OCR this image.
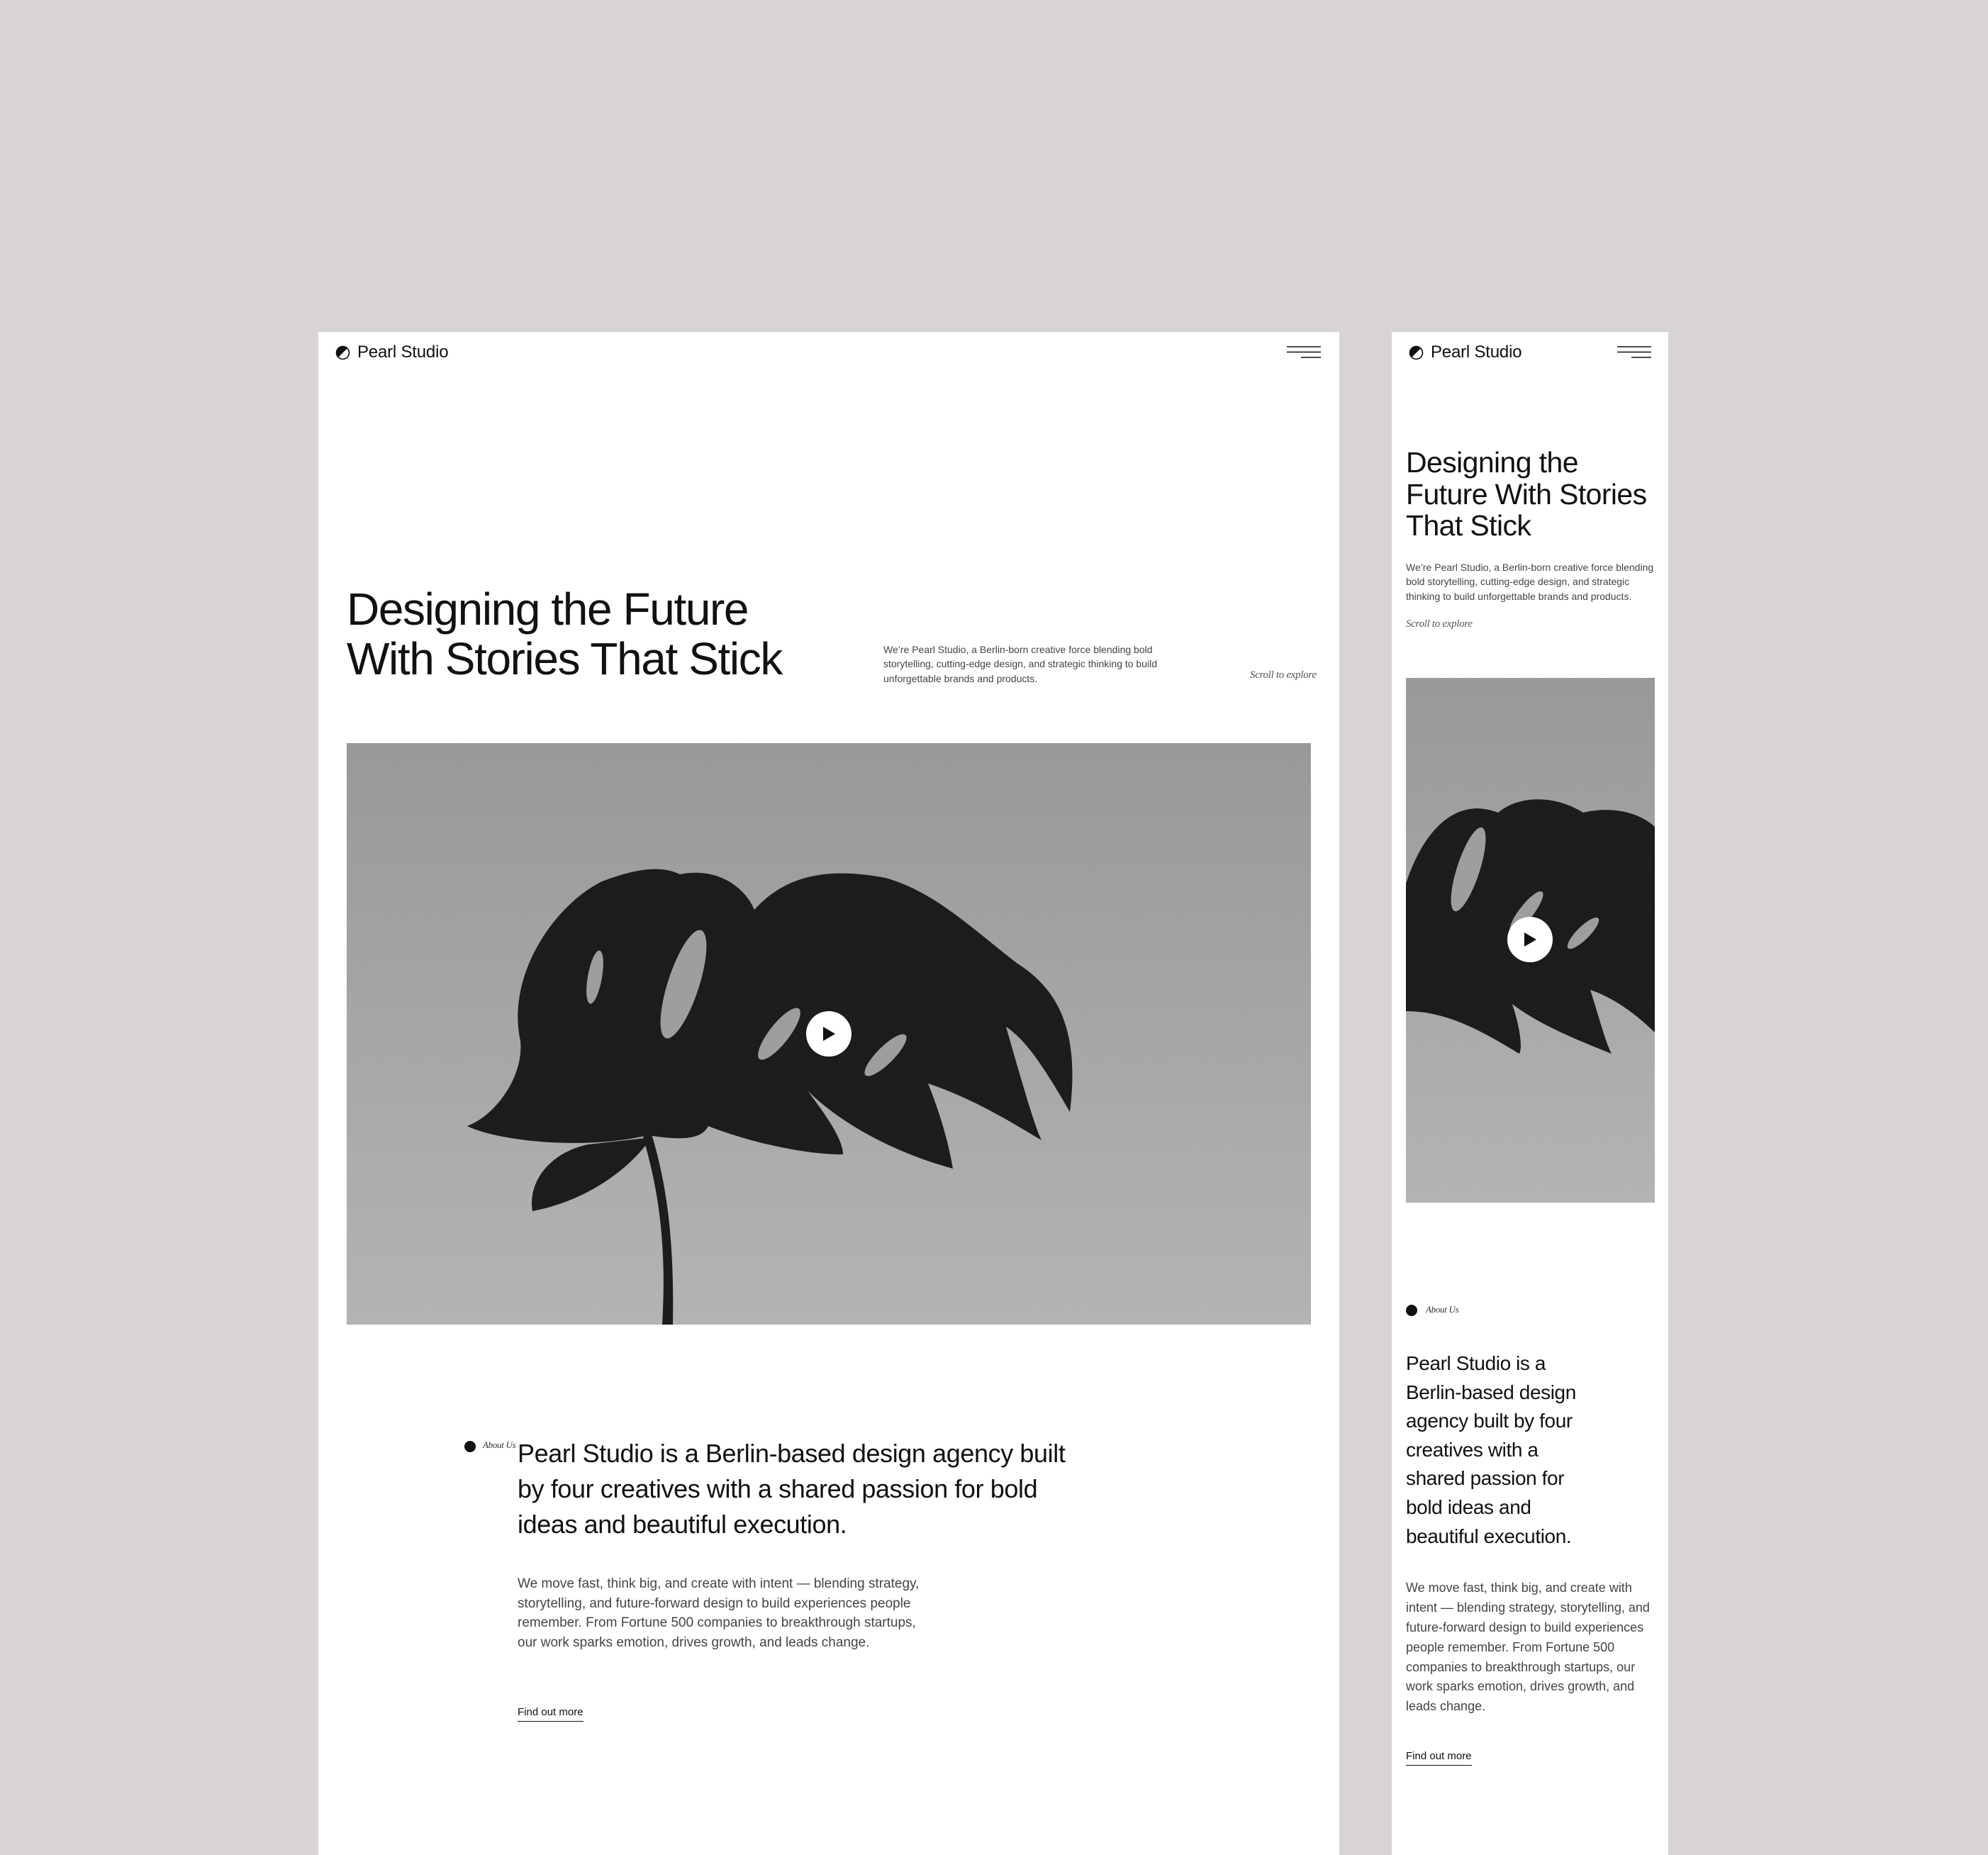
Pearl Studio
Designing the Future
With Stories That Stick	We’re Pearl Studio, a Berlin-born creative force blending bold storytelling, cutting-edge design, and strategic thinking to build unforgettable brands and products.	Scroll to explore
About Us Pearl Studio is a Berlin-based design agency built by four creatives with a shared passion for bold ideas and beautiful execution.

We move fast, think big, and create with intent — blending strategy, storytelling, and future-forward design to build experiences people remember. From Fortune 500 companies to breakthrough startups, our work sparks emotion, drives growth, and leads change.

Find out more
Pearl Studio
Designing the
Future With Stories
That Stick

We’re Pearl Studio, a Berlin-born creative force blending bold storytelling, cutting-edge design, and strategic thinking to build unforgettable brands and products.

Scroll to explore
About Us
Pearl Studio is a Berlin-based design agency built by four creatives with a shared passion for bold ideas and beautiful execution.

We move fast, think big, and create with intent — blending strategy, storytelling, and future-forward design to build experiences people remember. From Fortune 500 companies to breakthrough startups, our work sparks emotion, drives growth, and leads change.

Find out more
